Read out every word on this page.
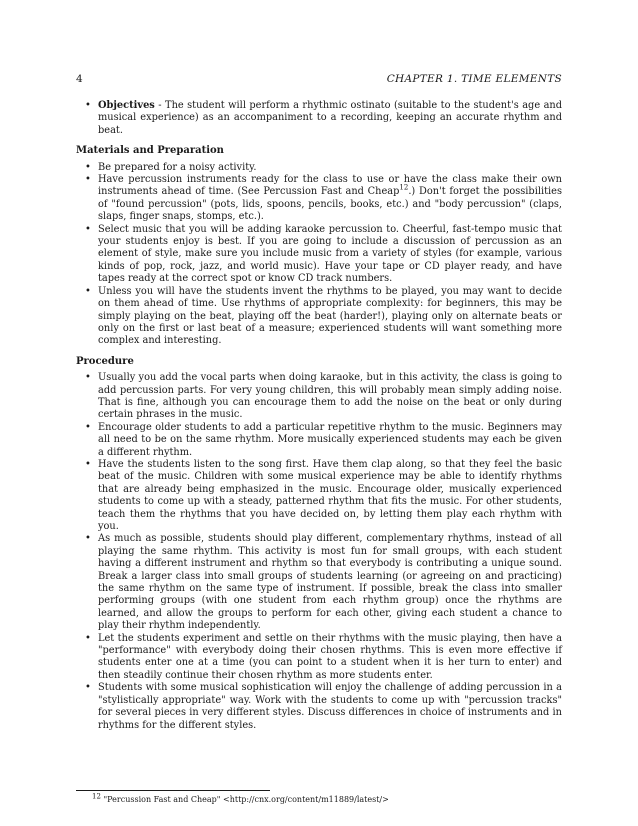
4	CHAPTER 1. TIME ELEMENTS
• Objectives - The student will perform a rhythmic ostinato (suitable to the student's age and musical experience) as an accompaniment to a recording, keeping an accurate rhythm and beat.
Materials and Preparation
• Be prepared for a noisy activity.
• Have percussion instruments ready for the class to use or have the class make their own instruments ahead of time. (See Percussion Fast and Cheap$^{12}$.) Don't forget the possibilities of "found percussion" (pots, lids, spoons, pencils, books, etc.) and "body percussion" (claps, slaps, finger snaps, stomps, etc.).
• Select music that you will be adding karaoke percussion to. Cheerful, fast-tempo music that your students enjoy is best. If you are going to include a discussion of percussion as an element of style, make sure you include music from a variety of styles (for example, various kinds of pop, rock, jazz, and world music). Have your tape or CD player ready, and have tapes ready at the correct spot or know CD track numbers.
• Unless you will have the students invent the rhythms to be played, you may want to decide on them ahead of time. Use rhythms of appropriate complexity: for beginners, this may be simply playing on the beat, playing off the beat (harder!), playing only on alternate beats or only on the first or last beat of a measure; experienced students will want something more complex and interesting.
Procedure
• Usually you add the vocal parts when doing karaoke, but in this activity, the class is going to add percussion parts. For very young children, this will probably mean simply adding noise. That is fine, although you can encourage them to add the noise on the beat or only during certain phrases in the music.
• Encourage older students to add a particular repetitive rhythm to the music. Beginners may all need to be on the same rhythm. More musically experienced students may each be given a different rhythm.
• Have the students listen to the song first. Have them clap along, so that they feel the basic beat of the music. Children with some musical experience may be able to identify rhythms that are already being emphasized in the music. Encourage older, musically experienced students to come up with a steady, patterned rhythm that fits the music. For other students, teach them the rhythms that you have decided on, by letting them play each rhythm with you.
• As much as possible, students should play different, complementary rhythms, instead of all playing the same rhythm. This activity is most fun for small groups, with each student having a different instrument and rhythm so that everybody is contributing a unique sound. Break a larger class into small groups of students learning (or agreeing on and practicing) the same rhythm on the same type of instrument. If possible, break the class into smaller performing groups (with one student from each rhythm group) once the rhythms are learned, and allow the groups to perform for each other, giving each student a chance to play their rhythm independently.
• Let the students experiment and settle on their rhythms with the music playing, then have a "performance" with everybody doing their chosen rhythms. This is even more effective if students enter one at a time (you can point to a student when it is her turn to enter) and then steadily continue their chosen rhythm as more students enter.
• Students with some musical sophistication will enjoy the challenge of adding percussion in a "stylistically appropriate" way. Work with the students to come up with "percussion tracks" for several pieces in very different styles. Discuss differences in choice of instruments and in rhythms for the different styles.
12 "Percussion Fast and Cheap" <http://cnx.org/content/m11889/latest/>
